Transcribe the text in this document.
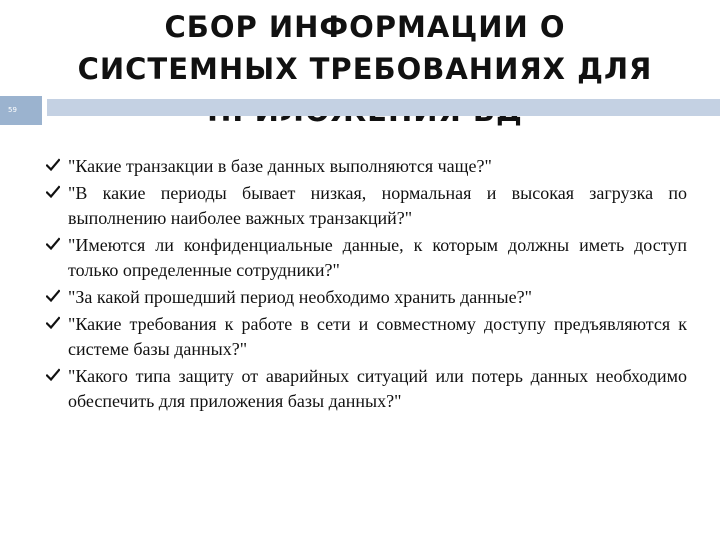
СБОР ИНФОРМАЦИИ О
СИСТЕМНЫХ ТРЕБОВАНИЯХ ДЛЯ
59
"Какие транзакции в базе данных выполняются чаще?"
"В какие периоды бывает низкая, нормальная и высокая загрузка по выполнению наиболее важных транзакций?"
"Имеются ли конфиденциальные данные, к которым должны иметь доступ только определенные сотрудники?"
"За какой прошедший период необходимо хранить данные?"
"Какие требования к работе в сети и совместному доступу предъявляются к системе базы данных?"
"Какого типа защиту от аварийных ситуаций или потерь данных необходимо обеспечить для приложения базы данных?"
